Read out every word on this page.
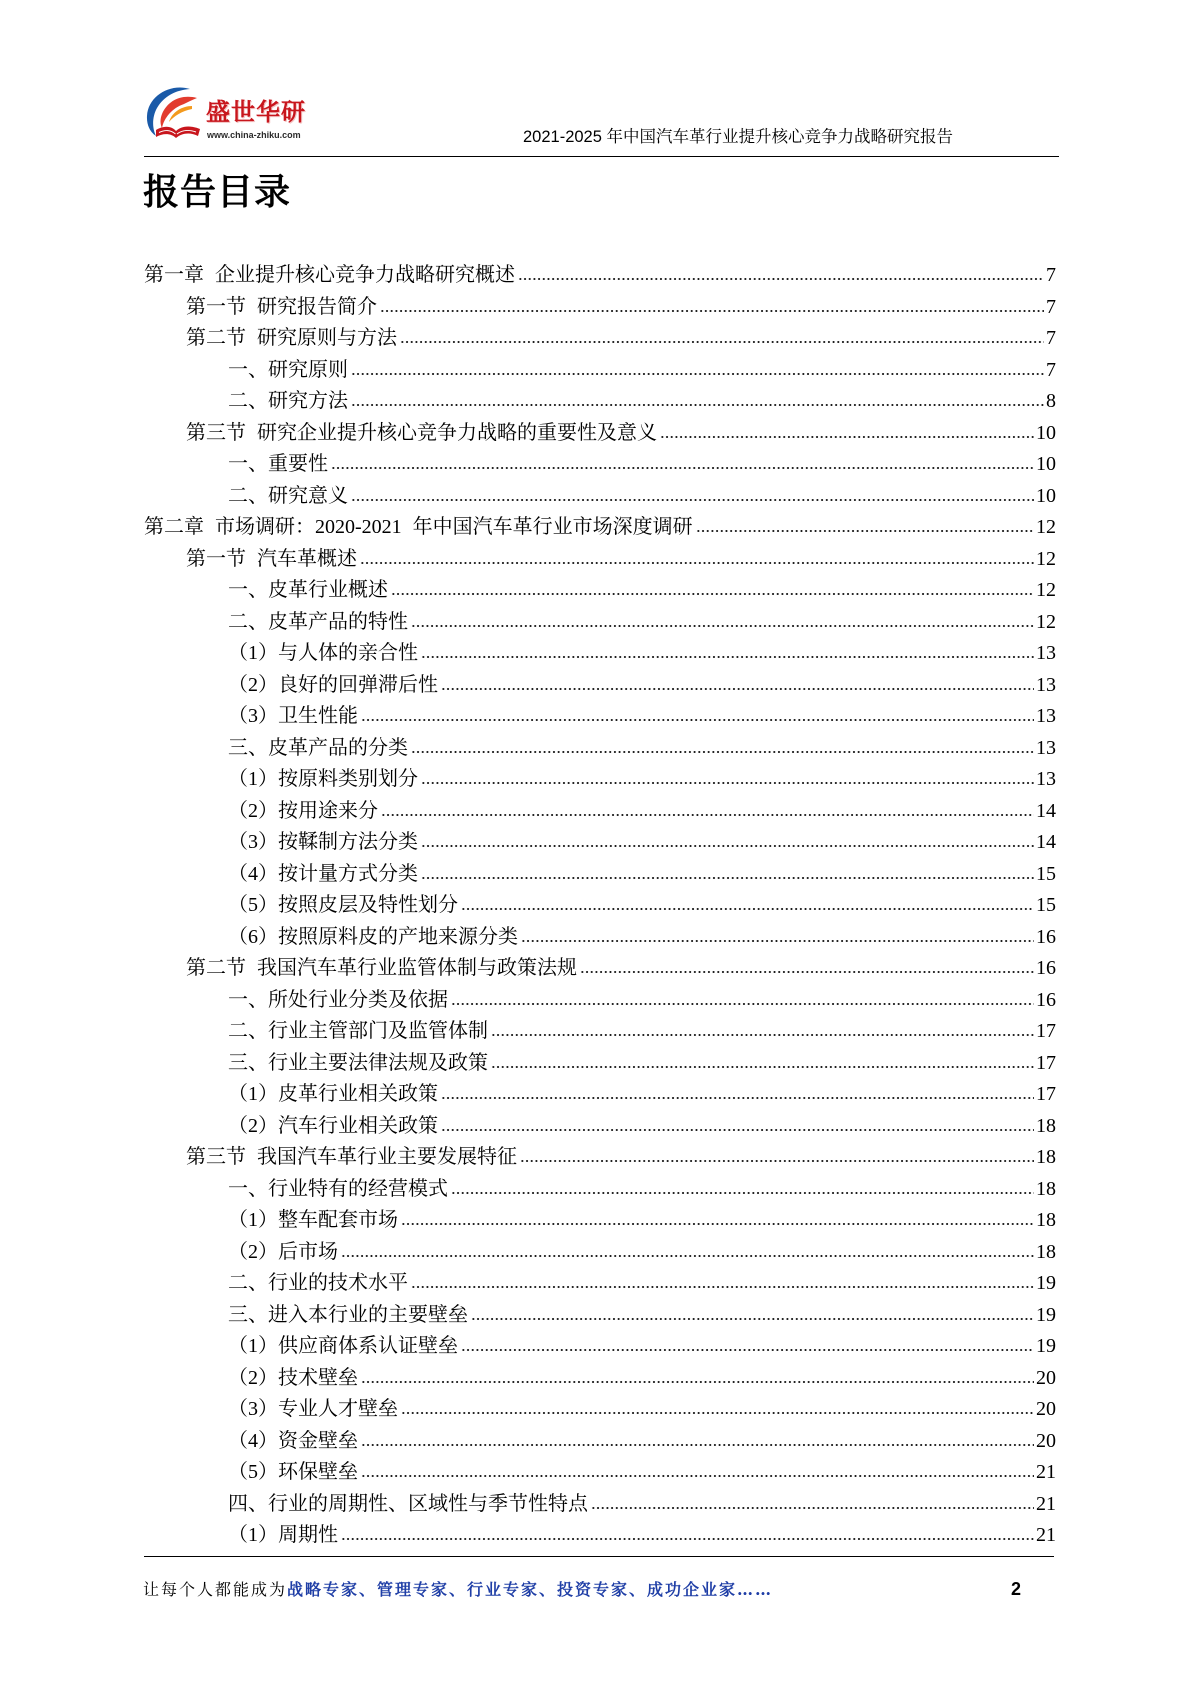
盛世华研
www.china-zhiku.com	2021-2025 年中国汽车革行业提升核心竞争力战略研究报告
报告目录
第一章 企业提升核心竞争力战略研究概述	7
第一节 研究报告简介	7
第二节 研究原则与方法	7
一、研究原则	7
二、研究方法	8
第三节 研究企业提升核心竞争力战略的重要性及意义	10
一、重要性	10
二、研究意义	10
第二章 市场调研：2020-2021 年中国汽车革行业市场深度调研	12
第一节 汽车革概述	12
一、皮革行业概述	12
二、皮革产品的特性	12
（1）与人体的亲合性	13
（2）良好的回弹滞后性	13
（3）卫生性能	13
三、皮革产品的分类	13
（1）按原料类别划分	13
（2）按用途来分	14
（3）按鞣制方法分类	14
（4）按计量方式分类	15
（5）按照皮层及特性划分	15
（6）按照原料皮的产地来源分类	16
第二节 我国汽车革行业监管体制与政策法规	16
一、所处行业分类及依据	16
二、行业主管部门及监管体制	17
三、行业主要法律法规及政策	17
（1）皮革行业相关政策	17
（2）汽车行业相关政策	18
第三节 我国汽车革行业主要发展特征	18
一、行业特有的经营模式	18
（1）整车配套市场	18
（2）后市场	18
二、行业的技术水平	19
三、进入本行业的主要壁垒	19
（1）供应商体系认证壁垒	19
（2）技术壁垒	20
（3）专业人才壁垒	20
（4）资金壁垒	20
（5）环保壁垒	21
四、行业的周期性、区域性与季节性特点	21
（1）周期性	21
让每个人都能成为战略专家、管理专家、行业专家、投资专家、成功企业家……	2
